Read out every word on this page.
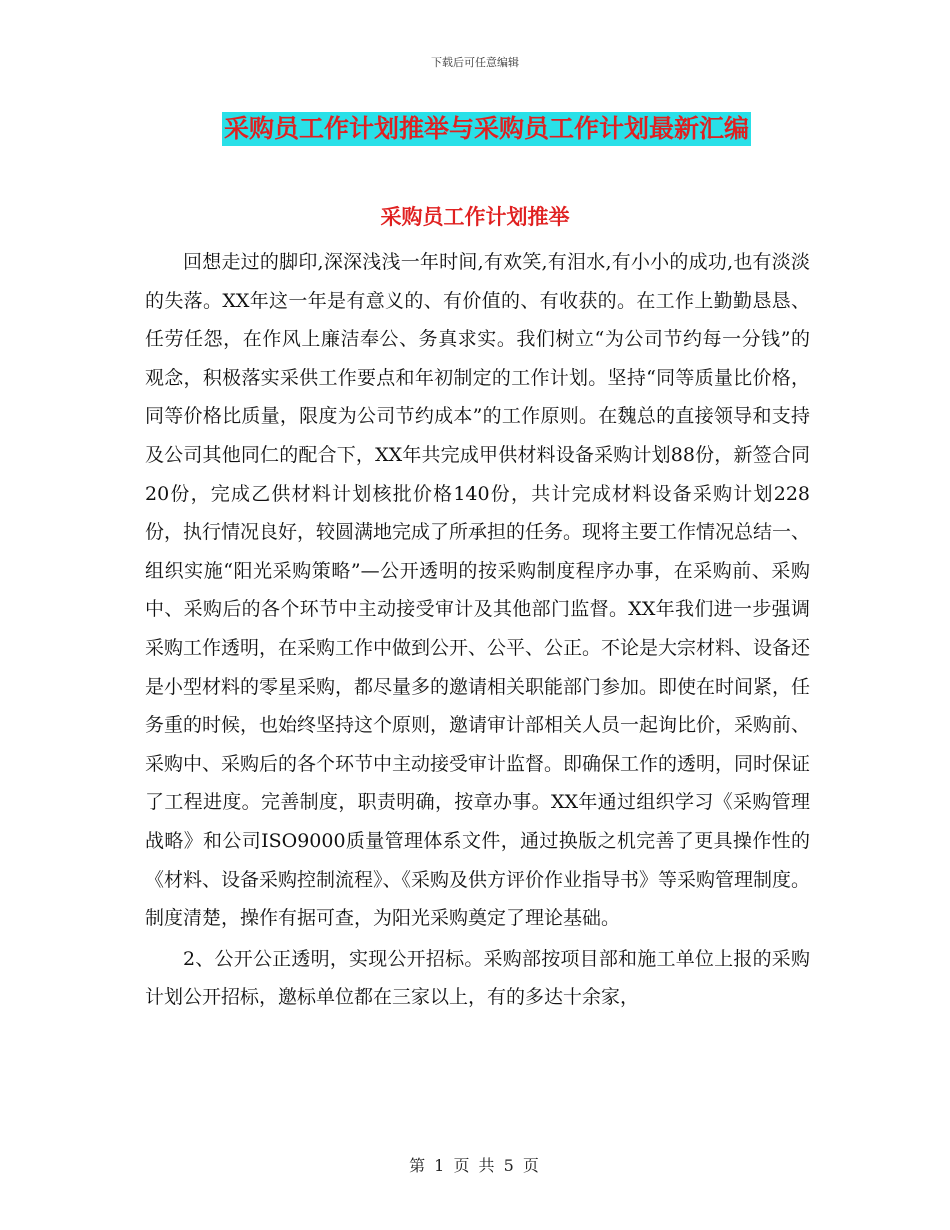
下载后可任意编辑
采购员工作计划推举与采购员工作计划最新汇编
采购员工作计划推举

回想走过的脚印,深深浅浅一年时间,有欢笑,有泪水,有小小的成功,也有淡淡的失落。XX年这一年是有意义的、有价值的、有收获的。在工作上勤勤恳恳、任劳任怨，在作风上廉洁奉公、务真求实。我们树立“为公司节约每一分钱”的观念，积极落实采供工作要点和年初制定的工作计划。坚持“同等质量比价格，同等价格比质量，限度为公司节约成本”的工作原则。在魏总的直接领导和支持及公司其他同仁的配合下，XX年共完成甲供材料设备采购计划88份，新签合同20份，完成乙供材料计划核批价格140份，共计完成材料设备采购计划228份，执行情况良好，较圆满地完成了所承担的任务。现将主要工作情况总结一、组织实施“阳光采购策略”—公开透明的按采购制度程序办事，在采购前、采购中、采购后的各个环节中主动接受审计及其他部门监督。XX年我们进一步强调采购工作透明，在采购工作中做到公开、公平、公正。不论是大宗材料、设备还是小型材料的零星采购，都尽量多的邀请相关职能部门参加。即使在时间紧，任务重的时候，也始终坚持这个原则，邀请审计部相关人员一起询比价，采购前、采购中、采购后的各个环节中主动接受审计监督。即确保工作的透明，同时保证了工程进度。完善制度，职责明确，按章办事。XX年通过组织学习《采购管理战略》和公司ISO9000质量管理体系文件，通过换版之机完善了更具操作性的《材料、设备采购控制流程》、《采购及供方评价作业指导书》等采购管理制度。制度清楚，操作有据可查，为阳光采购奠定了理论基础。

2、公开公正透明，实现公开招标。采购部按项目部和施工单位上报的采购计划公开招标，邀标单位都在三家以上，有的多达十余家，

第 1 页 共 5 页
